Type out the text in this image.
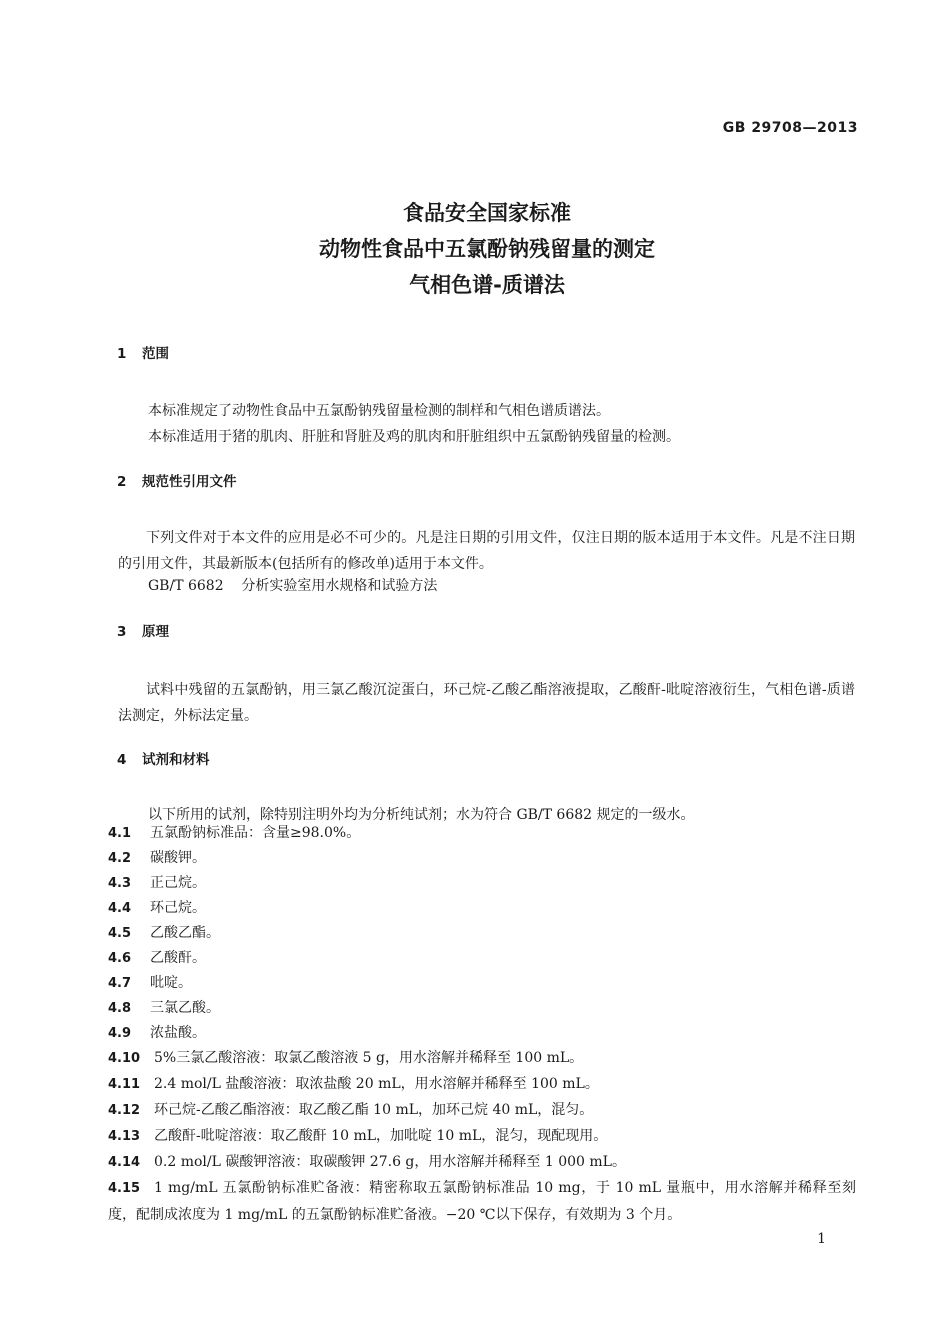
GB 29708—2013
食品安全国家标准
动物性食品中五氯酚钠残留量的测定
气相色谱-质谱法
1 范围
本标准规定了动物性食品中五氯酚钠残留量检测的制样和气相色谱质谱法。
本标准适用于猪的肌肉、肝脏和肾脏及鸡的肌肉和肝脏组织中五氯酚钠残留量的检测。
2 规范性引用文件
下列文件对于本文件的应用是必不可少的。凡是注日期的引用文件，仅注日期的版本适用于本文件。凡是不注日期的引用文件，其最新版本(包括所有的修改单)适用于本文件。
GB/T 6682 分析实验室用水规格和试验方法
3 原理
试料中残留的五氯酚钠，用三氯乙酸沉淀蛋白，环己烷-乙酸乙酯溶液提取，乙酸酐-吡啶溶液衍生，气相色谱-质谱法测定，外标法定量。
4 试剂和材料
以下所用的试剂，除特别注明外均为分析纯试剂；水为符合 GB/T 6682 规定的一级水。
4.1 五氯酚钠标准品：含量≥98.0%。
4.2 碳酸钾。
4.3 正己烷。
4.4 环己烷。
4.5 乙酸乙酯。
4.6 乙酸酐。
4.7 吡啶。
4.8 三氯乙酸。
4.9 浓盐酸。
4.10 5%三氯乙酸溶液：取氯乙酸溶液 5 g，用水溶解并稀释至 100 mL。
4.11 2.4 mol/L 盐酸溶液：取浓盐酸 20 mL，用水溶解并稀释至 100 mL。
4.12 环己烷-乙酸乙酯溶液：取乙酸乙酯 10 mL，加环己烷 40 mL，混匀。
4.13 乙酸酐-吡啶溶液：取乙酸酐 10 mL，加吡啶 10 mL，混匀，现配现用。
4.14 0.2 mol/L 碳酸钾溶液：取碳酸钾 27.6 g，用水溶解并稀释至 1 000 mL。
4.15 1 mg/mL 五氯酚钠标准贮备液：精密称取五氯酚钠标准品 10 mg，于 10 mL 量瓶中，用水溶解并稀释至刻度，配制成浓度为 1 mg/mL 的五氯酚钠标准贮备液。−20 ℃以下保存，有效期为 3 个月。
1
